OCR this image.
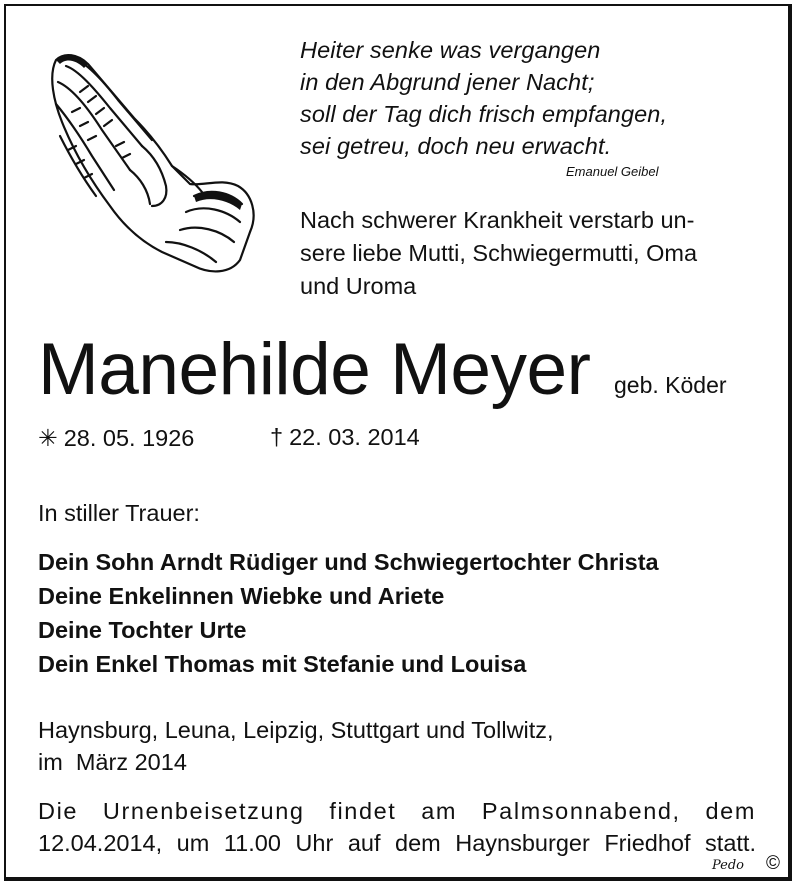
Heiter senke was vergangen
in den Abgrund jener Nacht;
soll der Tag dich frisch empfangen,
sei getreu, doch neu erwacht.
Emanuel Geibel
Nach schwerer Krankheit verstarb un-
sere liebe Mutti, Schwiegermutti, Oma
und Uroma
Manehilde Meyer geb. Köder
✳ 28. 05. 1926	† 22. 03. 2014
In stiller Trauer:
Dein Sohn Arndt Rüdiger und Schwiegertochter Christa
Deine Enkelinnen Wiebke und Ariete
Deine Tochter Urte
Dein Enkel Thomas mit Stefanie und Louisa
Haynsburg, Leuna, Leipzig, Stuttgart und Tollwitz,
im  März 2014
Die Urnenbeisetzung findet am Palmsonnabend, dem
12.04.2014, um 11.00 Uhr auf dem Haynsburger Friedhof statt.
Pedo ©
